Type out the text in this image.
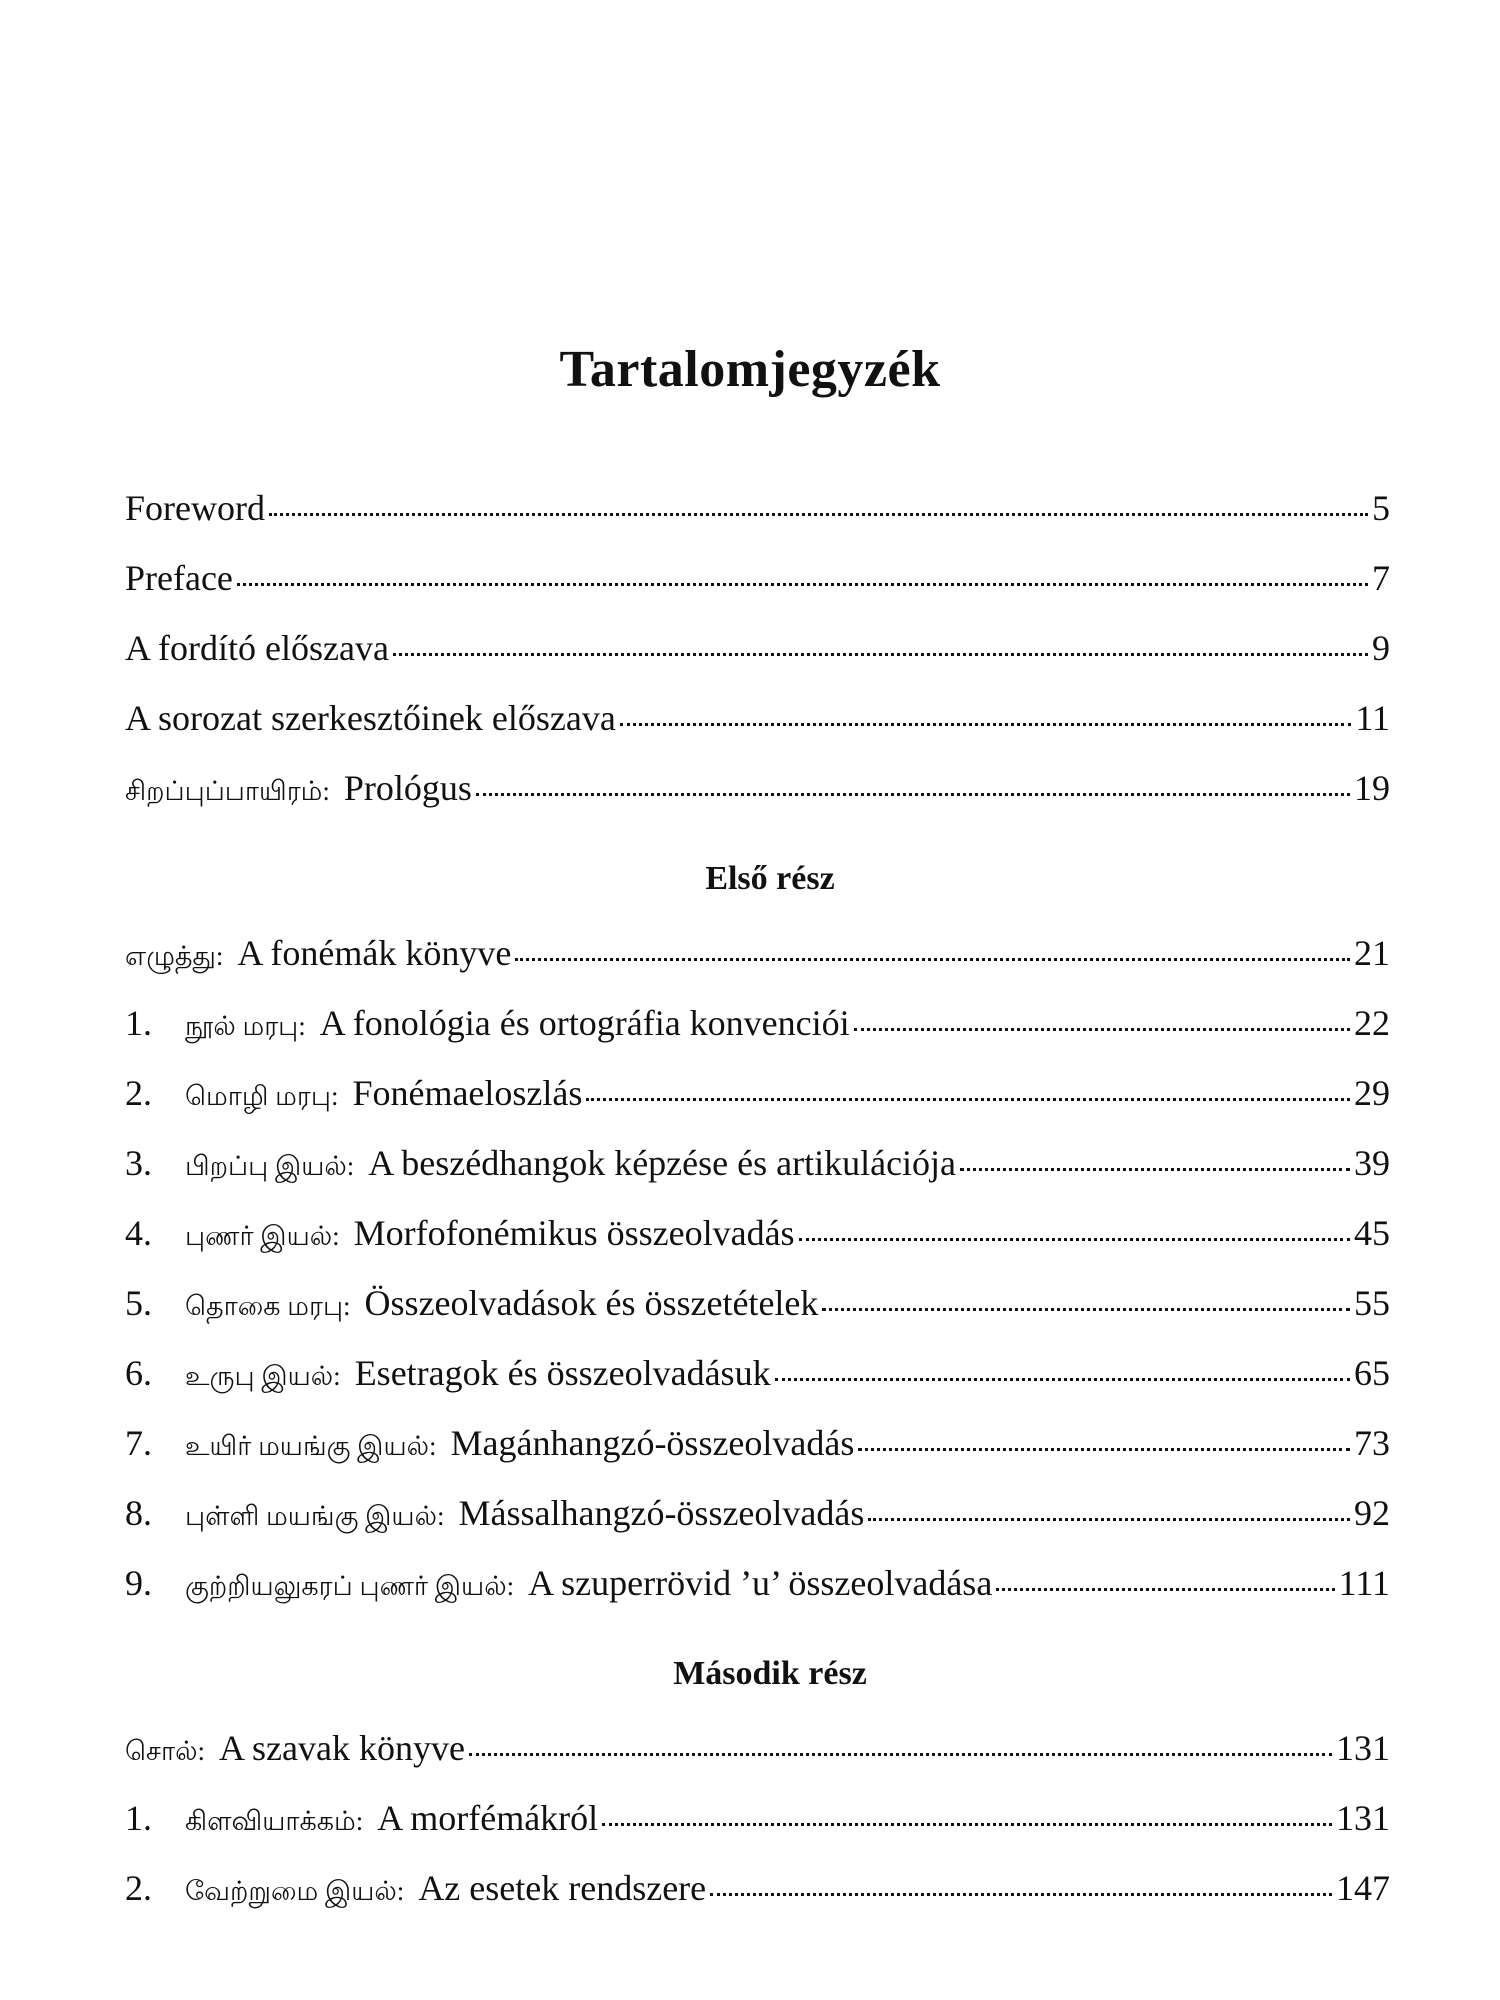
Tartalomjegyzék
Foreword	5
Preface	7
A fordító előszava	9
A sorozat szerkesztőinek előszava	11
சிறப்புப்பாயிரம்: Prológus	19
Első rész
எழுத்து: A fonémák könyve	21
1.	நூல் மரபு: A fonológia és ortográfia konvenciói	22
2.	மொழி மரபு: Fonémaeloszlás	29
3.	பிறப்பு இயல்: A beszédhangok képzése és artikulációja	39
4.	புணர் இயல்: Morfofonémikus összeolvadás	45
5.	தொகை மரபு: Összeolvadások és összetételek	55
6.	உருபு இயல்: Esetragok és összeolvadásuk	65
7.	உயிர் மயங்கு இயல்: Magánhangzó-összeolvadás	73
8.	புள்ளி மயங்கு இயல்: Mássalhangzó-összeolvadás	92
9.	குற்றியலுகரப் புணர் இயல்: A szuperrövid ’u’ összeolvadása	111
Második rész
சொல்: A szavak könyve	131
1.	கிளவியாக்கம்: A morfémákról	131
2.	வேற்றுமை இயல்: Az esetek rendszere	147
